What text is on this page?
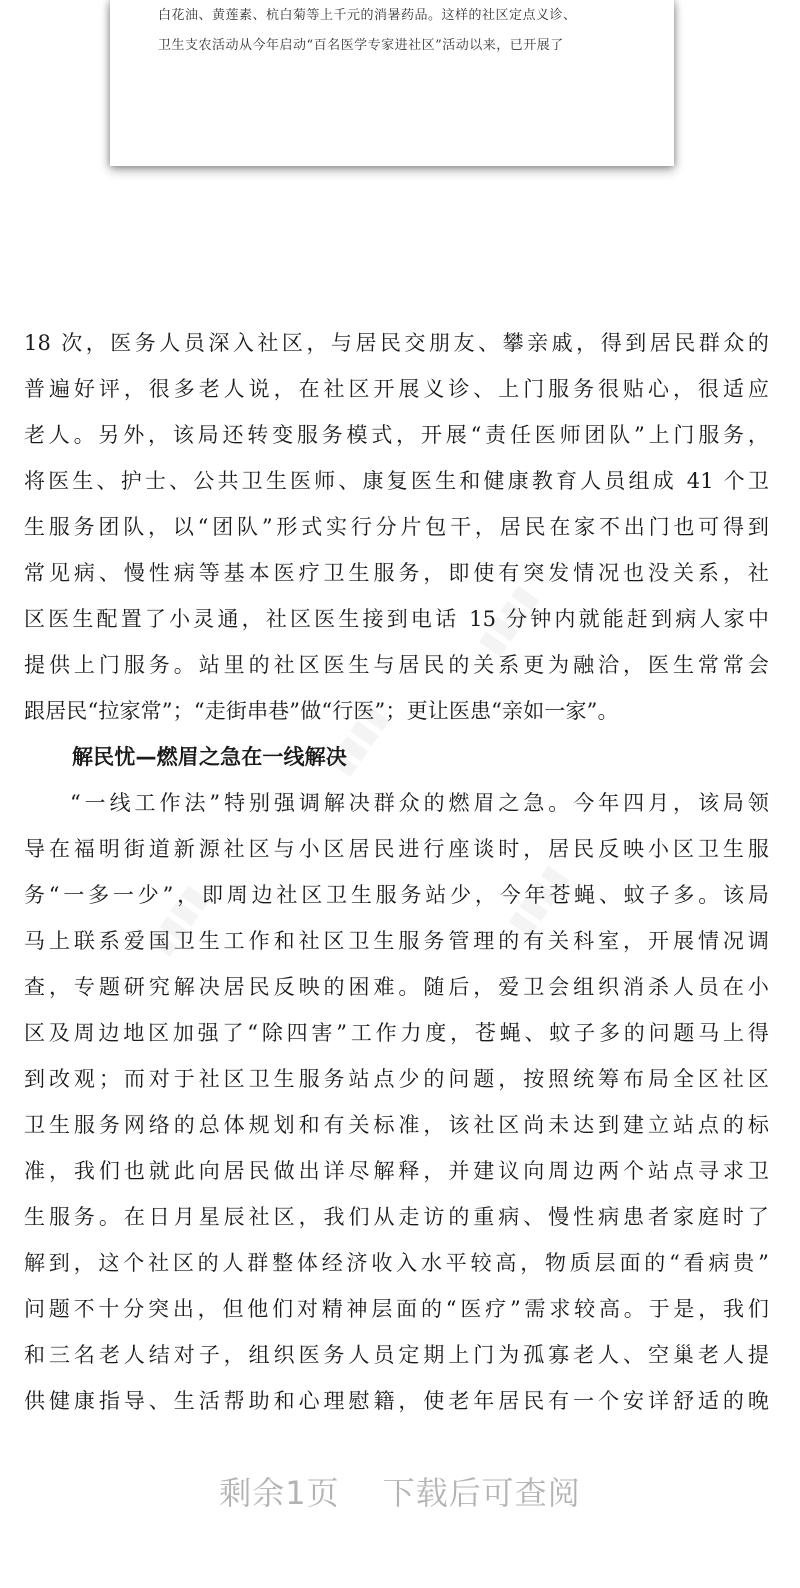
白花油、黄莲素、杭白菊等上千元的消暑药品。这样的社区定点义诊、
卫生支农活动从今年启动“百名医学专家进社区”活动以来，已开展了
▮▮▮▮
▮▮▮▮
▮▮▮▮	▮▮▮▮
18 次，医务人员深入社区，与居民交朋友、攀亲戚，得到居民群众的
普遍好评，很多老人说，在社区开展义诊、上门服务很贴心，很适应
老人。另外，该局还转变服务模式，开展“责任医师团队”上门服务，
将医生、护士、公共卫生医师、康复医生和健康教育人员组成 41 个卫
生服务团队，以“团队”形式实行分片包干，居民在家不出门也可得到
常见病、慢性病等基本医疗卫生服务，即使有突发情况也没关系，社
区医生配置了小灵通，社区医生接到电话 15 分钟内就能赶到病人家中
提供上门服务。站里的社区医生与居民的关系更为融洽，医生常常会
跟居民“拉家常”；“走街串巷”做“行医”；更让医患“亲如一家”。
解民忧—燃眉之急在一线解决
“一线工作法”特别强调解决群众的燃眉之急。今年四月，该局领
导在福明街道新源社区与小区居民进行座谈时，居民反映小区卫生服
务“一多一少”，即周边社区卫生服务站少，今年苍蝇、蚊子多。该局
马上联系爱国卫生工作和社区卫生服务管理的有关科室，开展情况调
查，专题研究解决居民反映的困难。随后，爱卫会组织消杀人员在小
区及周边地区加强了“除四害”工作力度，苍蝇、蚊子多的问题马上得
到改观；而对于社区卫生服务站点少的问题，按照统筹布局全区社区
卫生服务网络的总体规划和有关标准，该社区尚未达到建立站点的标
准，我们也就此向居民做出详尽解释，并建议向周边两个站点寻求卫
生服务。在日月星辰社区，我们从走访的重病、慢性病患者家庭时了
解到，这个社区的人群整体经济收入水平较高，物质层面的“看病贵”
问题不十分突出，但他们对精神层面的“医疗”需求较高。于是，我们
和三名老人结对子，组织医务人员定期上门为孤寡老人、空巢老人提
供健康指导、生活帮助和心理慰籍，使老年居民有一个安详舒适的晚
剩余1页 下载后可查阅
